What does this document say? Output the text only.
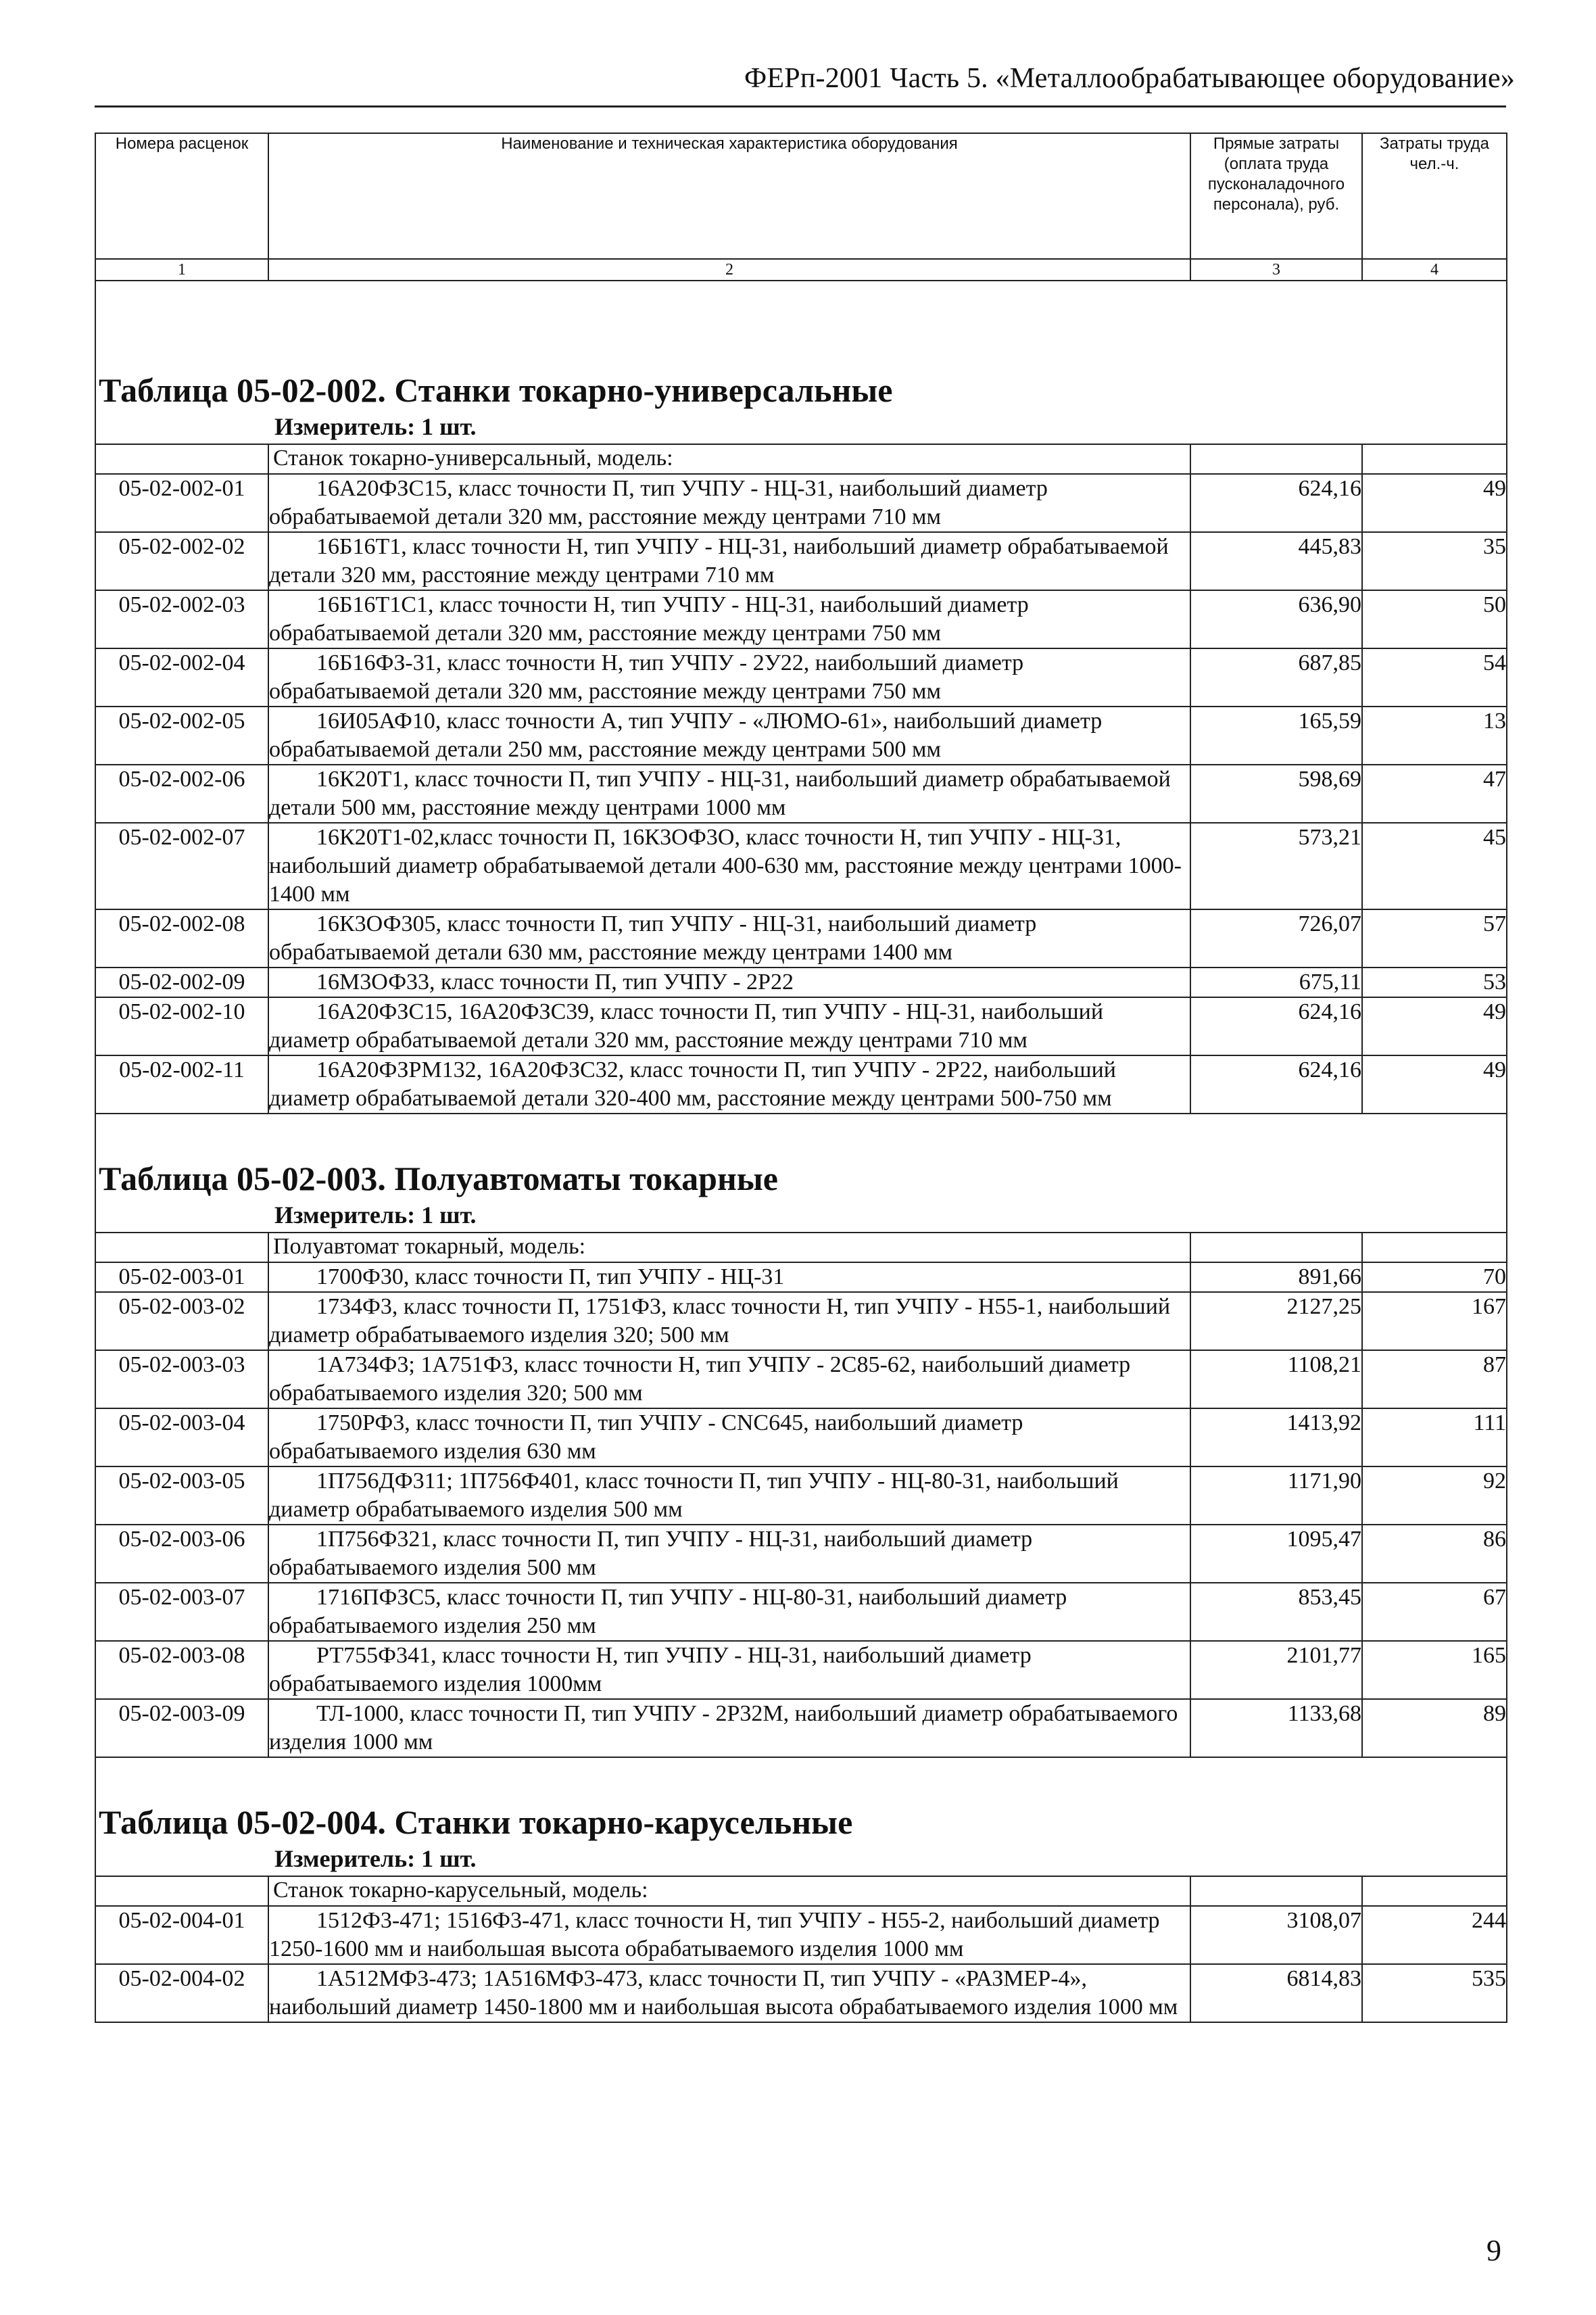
ФЕРп-2001 Часть 5. «Металлообрабатывающее оборудование»
Номера расценок	Наименование и техническая характеристика оборудования	Прямые затраты (оплата труда пусконаладочного персонала), руб.	Затраты труда чел.-ч.
1	2	3	4

Таблица 05-02-002. Станки токарно-универсальные			

Измеритель: 1 шт.			

	Станок токарно-универсальный, модель:		
05-02-002-01	16А20ФЗС15, класс точности П, тип УЧПУ - НЦ-31, наибольший диаметр обрабатываемой детали 320 мм, расстояние между центрами 710 мм	624,16	49
05-02-002-02	16Б16Т1, класс точности Н, тип УЧПУ - НЦ-31, наибольший диаметр обрабатываемой детали 320 мм, расстояние между центрами 710 мм	445,83	35
05-02-002-03	16Б16Т1С1, класс точности Н, тип УЧПУ - НЦ-31, наибольший диаметр обрабатываемой детали 320 мм, расстояние между центрами 750 мм	636,90	50
05-02-002-04	16Б16ФЗ-31, класс точности Н, тип УЧПУ - 2У22, наибольший диаметр обрабатываемой детали 320 мм, расстояние между центрами 750 мм	687,85	54
05-02-002-05	16И05АФ10, класс точности А, тип УЧПУ - «ЛЮМО-61», наибольший диаметр обрабатываемой детали 250 мм, расстояние между центрами 500 мм	165,59	13
05-02-002-06	16К20Т1, класс точности П, тип УЧПУ - НЦ-31, наибольший диаметр обрабатываемой детали 500 мм, расстояние между центрами 1000 мм	598,69	47
05-02-002-07	16К20Т1-02,класс точности П, 16К3ОФ3О, класс точности Н, тип УЧПУ - НЦ-31, наибольший диаметр обрабатываемой детали 400-630 мм, расстояние между центрами 1000-1400 мм	573,21	45
05-02-002-08	16К3ОФ305, класс точности П, тип УЧПУ - НЦ-31, наибольший диаметр обрабатываемой детали 630 мм, расстояние между центрами 1400 мм	726,07	57
05-02-002-09	16М3ОФ33, класс точности П, тип УЧПУ - 2Р22	675,11	53
05-02-002-10	16А20ФЗС15, 16А20ФЗС39, класс точности П, тип УЧПУ - НЦ-31, наибольший диаметр обрабатываемой детали 320 мм, расстояние между центрами 710 мм	624,16	49
05-02-002-11	16А20ФЗРМ132, 16А20ФЗС32, класс точности П, тип УЧПУ - 2Р22, наибольший диаметр обрабатываемой детали 320-400 мм, расстояние между центрами 500-750 мм	624,16	49

Таблица 05-02-003. Полуавтоматы токарные			

Измеритель: 1 шт.			

	Полуавтомат токарный, модель:		
05-02-003-01	1700Ф30, класс точности П, тип УЧПУ - НЦ-31	891,66	70
05-02-003-02	1734Ф3, класс точности П, 1751Ф3, класс точности Н, тип УЧПУ - Н55-1, наибольший диаметр обрабатываемого изделия 320; 500 мм	2127,25	167
05-02-003-03	1А734Ф3; 1А751Ф3, класс точности Н, тип УЧПУ - 2С85-62, наибольший диаметр обрабатываемого изделия 320; 500 мм	1108,21	87
05-02-003-04	1750РФ3, класс точности П, тип УЧПУ - CNC645, наибольший диаметр обрабатываемого изделия 630 мм	1413,92	111
05-02-003-05	1П756ДФ311; 1П756Ф401, класс точности П, тип УЧПУ - НЦ-80-31, наибольший диаметр обрабатываемого изделия 500 мм	1171,90	92
05-02-003-06	1П756Ф321, класс точности П, тип УЧПУ - НЦ-31, наибольший диаметр обрабатываемого изделия 500 мм	1095,47	86
05-02-003-07	1716ПФЗС5, класс точности П, тип УЧПУ - НЦ-80-31, наибольший диаметр обрабатываемого изделия 250 мм	853,45	67
05-02-003-08	РТ755Ф341, класс точности Н, тип УЧПУ - НЦ-31, наибольший диаметр обрабатываемого изделия 1000мм	2101,77	165
05-02-003-09	ТЛ-1000, класс точности П, тип УЧПУ - 2Р32М, наибольший диаметр обрабатываемого изделия 1000 мм	1133,68	89

Таблица 05-02-004. Станки токарно-карусельные			

Измеритель: 1 шт.			

	Станок токарно-карусельный, модель:		
05-02-004-01	1512Ф3-471; 1516Ф3-471, класс точности Н, тип УЧПУ - Н55-2, наибольший диаметр 1250-1600 мм и наибольшая высота обрабатываемого изделия 1000 мм	3108,07	244
05-02-004-02	1А512МФ3-473; 1А516МФ3-473, класс точности П, тип УЧПУ - «РАЗМЕР-4», наибольший диаметр 1450-1800 мм и наибольшая высота обрабатываемого изделия 1000 мм	6814,83	535
9
